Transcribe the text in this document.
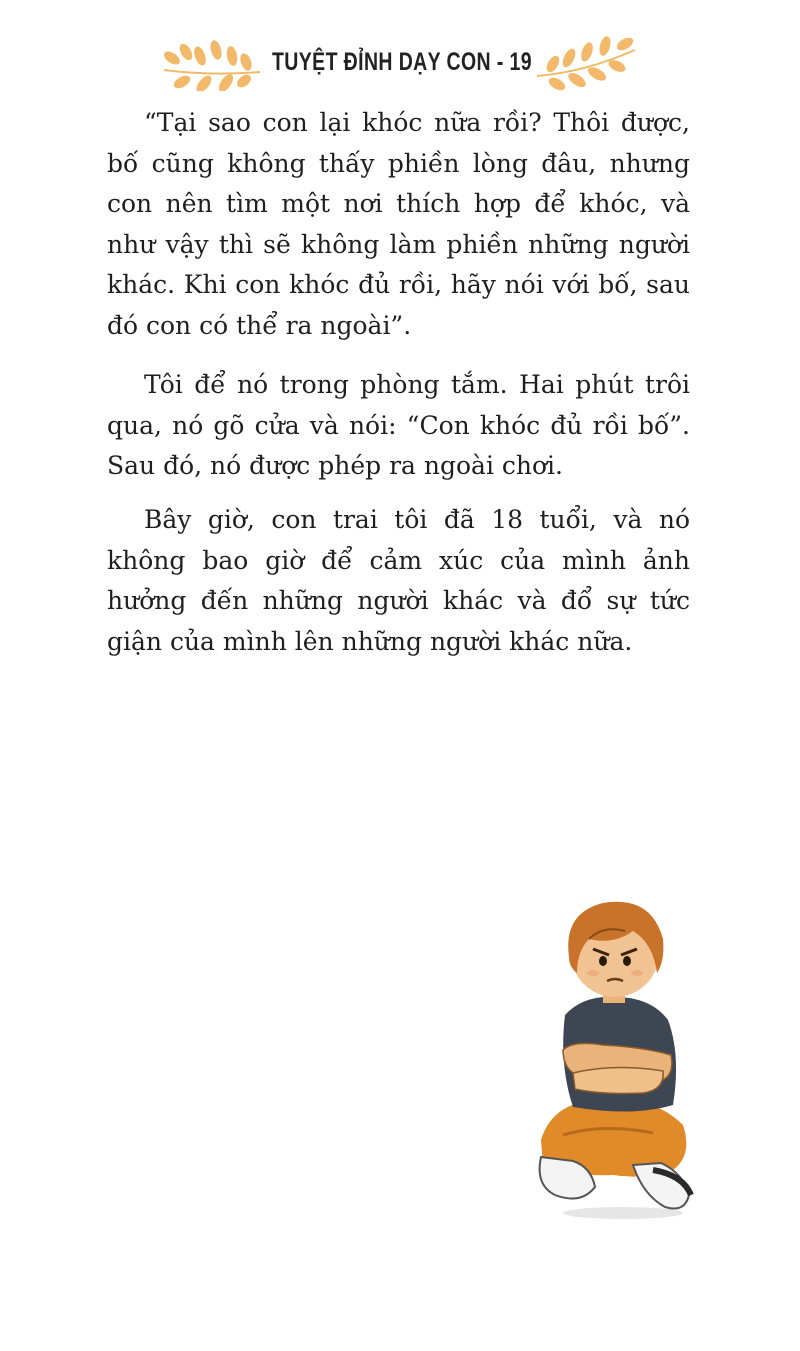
TUYỆT ĐỈNH DẠY CON - 19

“Tại sao con lại khóc nữa rồi? Thôi được, bố cũng không thấy phiền lòng đâu, nhưng con nên tìm một nơi thích hợp để khóc, và như vậy thì sẽ không làm phiền những người khác. Khi con khóc đủ rồi, hãy nói với bố, sau đó con có thể ra ngoài”.

Tôi để nó trong phòng tắm. Hai phút trôi qua, nó gõ cửa và nói: “Con khóc đủ rồi bố”. Sau đó, nó được phép ra ngoài chơi.

Bây giờ, con trai tôi đã 18 tuổi, và nó không bao giờ để cảm xúc của mình ảnh hưởng đến những người khác và đổ sự tức giận của mình lên những người khác nữa.
